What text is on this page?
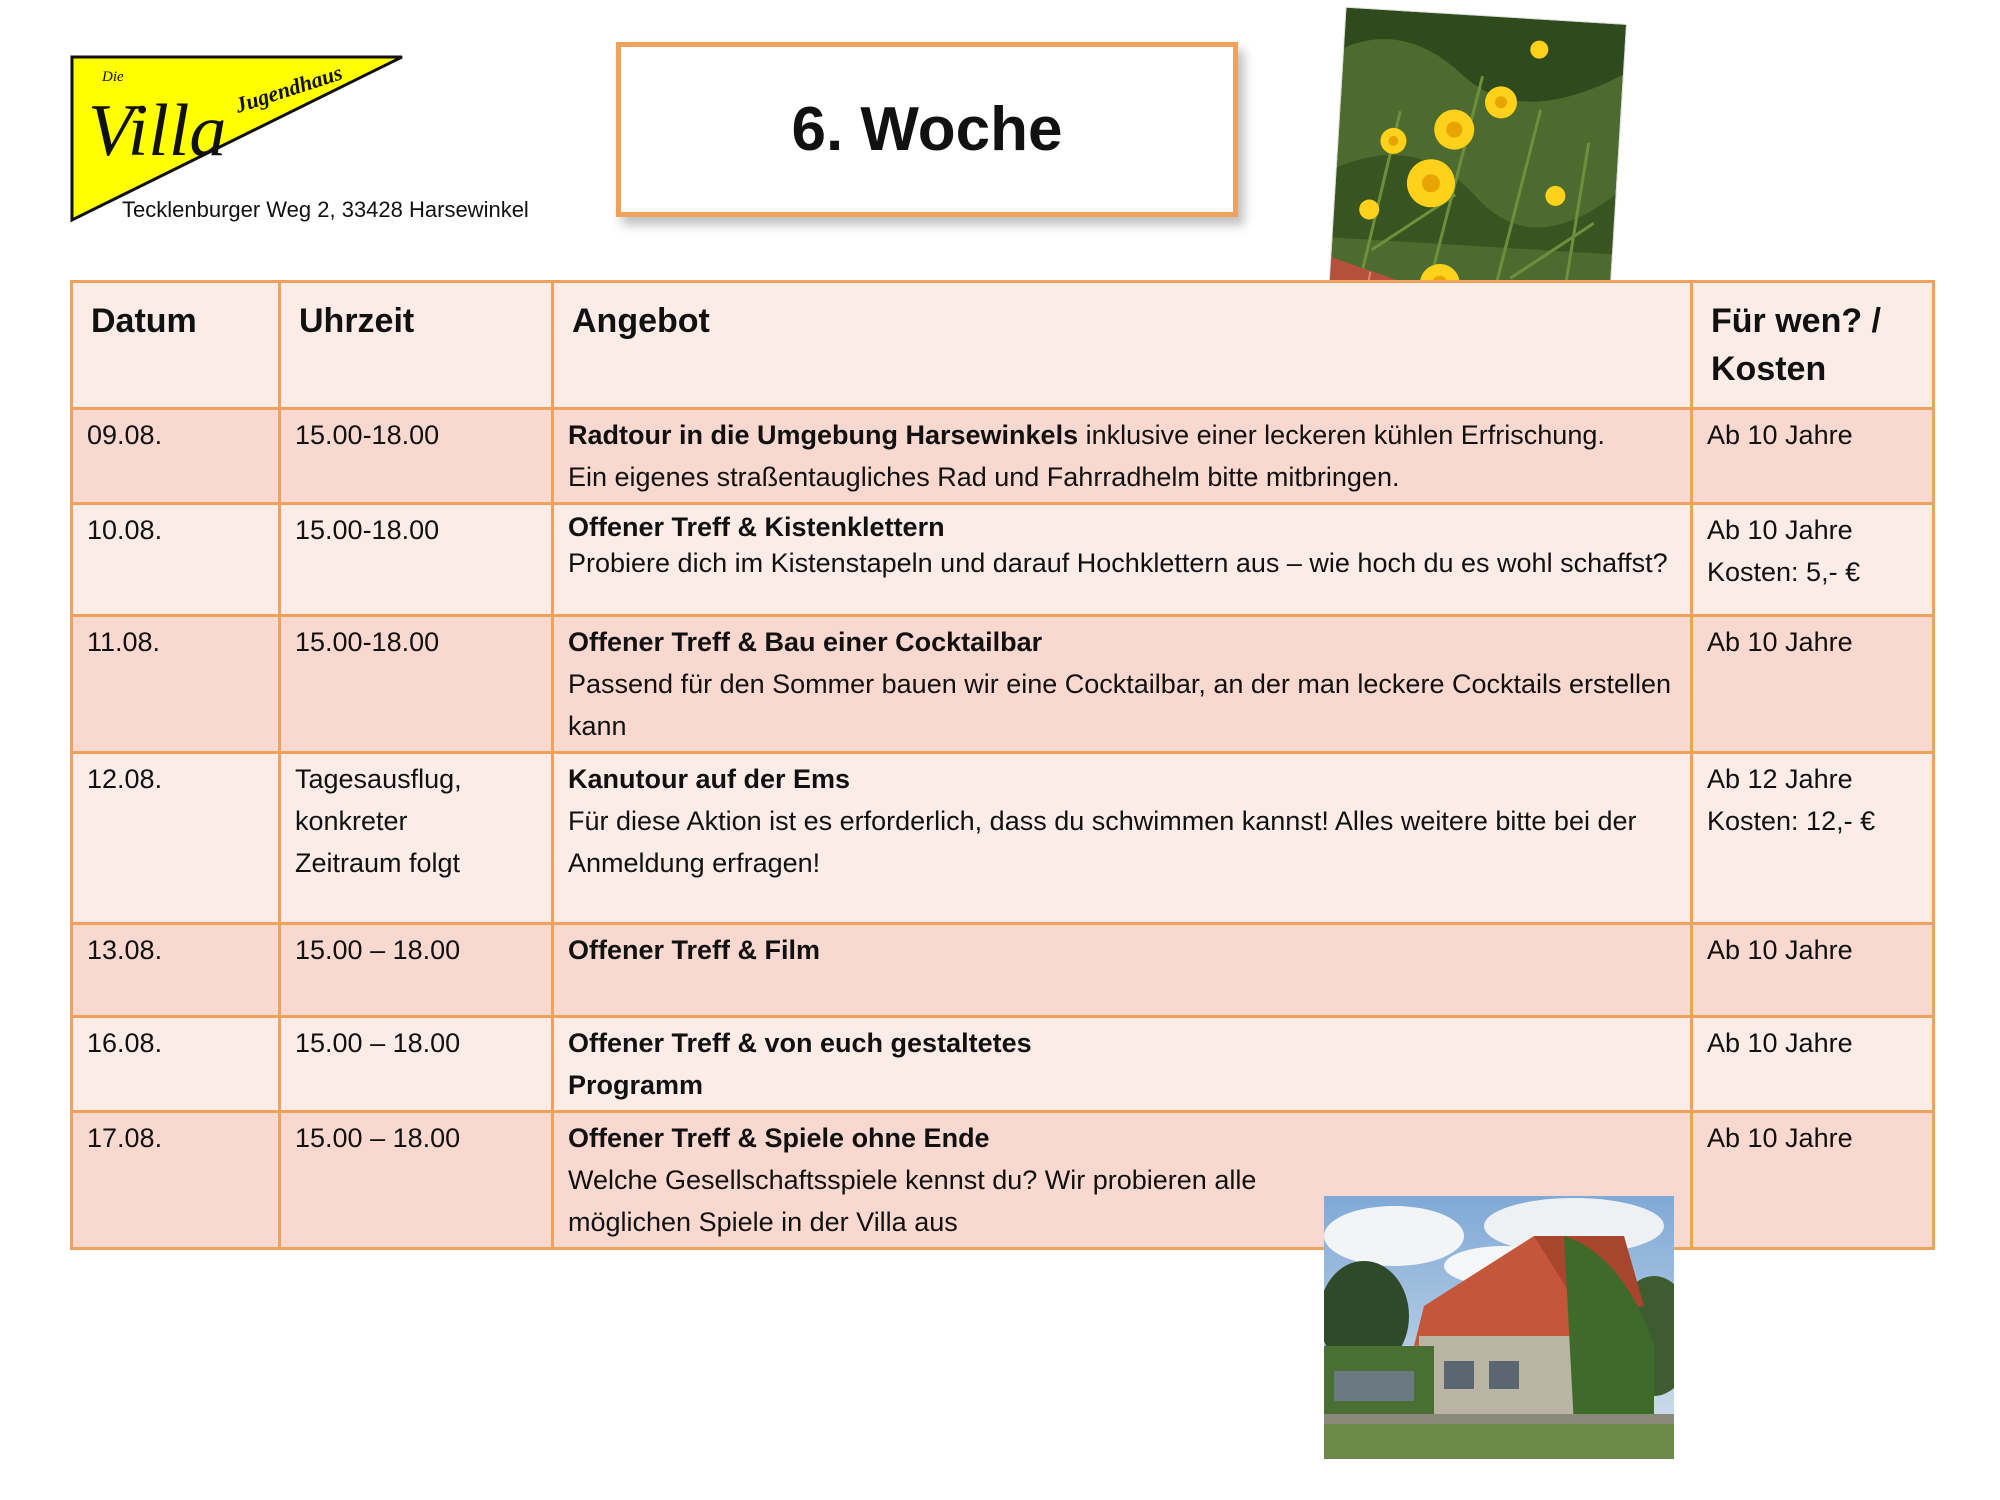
Die
Villa
Jugendhaus
Tecklenburger Weg 2, 33428 Harsewinkel
6. Woche
Datum	Uhrzeit	Angebot	Für wen? / Kosten
09.08.	15.00-18.00	Radtour in die Umgebung Harsewinkels inklusive einer leckeren kühlen Erfrischung.
Ein eigenes straßentaugliches Rad und Fahrradhelm bitte mitbringen.	Ab 10 Jahre

10.08.	15.00-18.00	Offener Treff & Kistenklettern
Probiere dich im Kistenstapeln und darauf Hochklettern aus – wie hoch du es wohl schaffst?	Ab 10 Jahre
Kosten: 5,- €

11.08.	15.00-18.00	Offener Treff & Bau einer Cocktailbar
Passend für den Sommer bauen wir eine Cocktailbar, an der man leckere Cocktails erstellen kann	Ab 10 Jahre

12.08.	Tagesausflug, konkreter Zeitraum folgt	Kanutour auf der Ems
Für diese Aktion ist es erforderlich, dass du schwimmen kannst! Alles weitere bitte bei der Anmeldung erfragen!	Ab 12 Jahre
Kosten: 12,- €

13.08.	15.00 – 18.00	Offener Treff & Film	Ab 10 Jahre

16.08.	15.00 – 18.00	Offener Treff & von euch gestaltetes Programm	Ab 10 Jahre

17.08.	15.00 – 18.00	Offener Treff & Spiele ohne Ende
Welche Gesellschaftsspiele kennst du? Wir probieren alle möglichen Spiele in der Villa aus	Ab 10 Jahre
